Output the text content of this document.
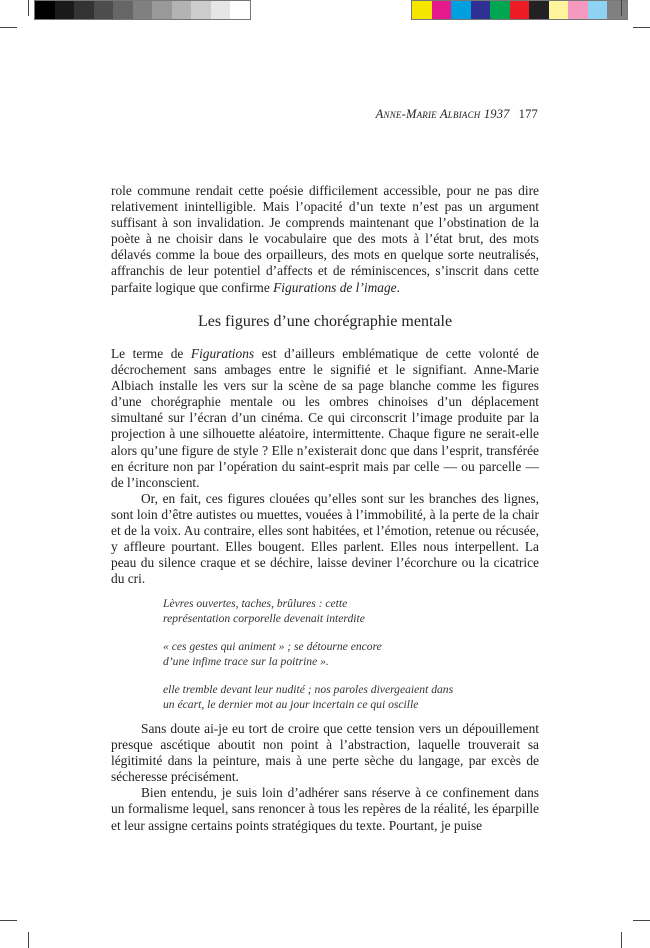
Anne-Marie Albiach 1937 177

role commune rendait cette poésie difficilement accessible, pour ne pas dire relativement inintelligible. Mais l’opacité d’un texte n’est pas un argument suffisant à son invalidation. Je comprends maintenant que l’obstination de la poète à ne choisir dans le vocabulaire que des mots à l’état brut, des mots délavés comme la boue des orpailleurs, des mots en quelque sorte neutralisés, affranchis de leur potentiel d’affects et de réminiscences, s’inscrit dans cette parfaite logique que confirme Figurations de l’image.

Les figures d’une chorégraphie mentale

Le terme de Figurations est d’ailleurs emblématique de cette volonté de décrochement sans ambages entre le signifié et le signifiant. Anne-Marie Albiach installe les vers sur la scène de sa page blanche comme les figures d’une chorégraphie mentale ou les ombres chinoises d’un déplacement simultané sur l’écran d’un cinéma. Ce qui circonscrit l’image produite par la projection à une silhouette aléatoire, intermittente. Chaque figure ne serait-elle alors qu’une figure de style ? Elle n’existerait donc que dans l’esprit, transférée en écriture non par l’opération du saint-esprit mais par celle — ou parcelle — de l’inconscient.

Or, en fait, ces figures clouées qu’elles sont sur les branches des lignes, sont loin d’être autistes ou muettes, vouées à l’immobilité, à la perte de la chair et de la voix. Au contraire, elles sont habitées, et l’émotion, retenue ou récusée, y affleure pourtant. Elles bougent. Elles parlent. Elles nous interpellent. La peau du silence craque et se déchire, laisse deviner l’écorchure ou la cicatrice du cri.

Lèvres ouvertes, taches, brûlures : cette

représentation corporelle devenait interdite

« ces gestes qui animent » ; se détourne encore

d’une infime trace sur la poitrine ».

elle tremble devant leur nudité ; nos paroles divergeaient dans

un écart, le dernier mot au jour incertain ce qui oscille

Sans doute ai-je eu tort de croire que cette tension vers un dépouillement presque ascétique aboutit non point à l’abstraction, laquelle trouverait sa légitimité dans la peinture, mais à une perte sèche du langage, par excès de sécheresse précisément.

Bien entendu, je suis loin d’adhérer sans réserve à ce confinement dans un formalisme lequel, sans renoncer à tous les repères de la réalité, les éparpille et leur assigne certains points stratégiques du texte. Pourtant, je puise
